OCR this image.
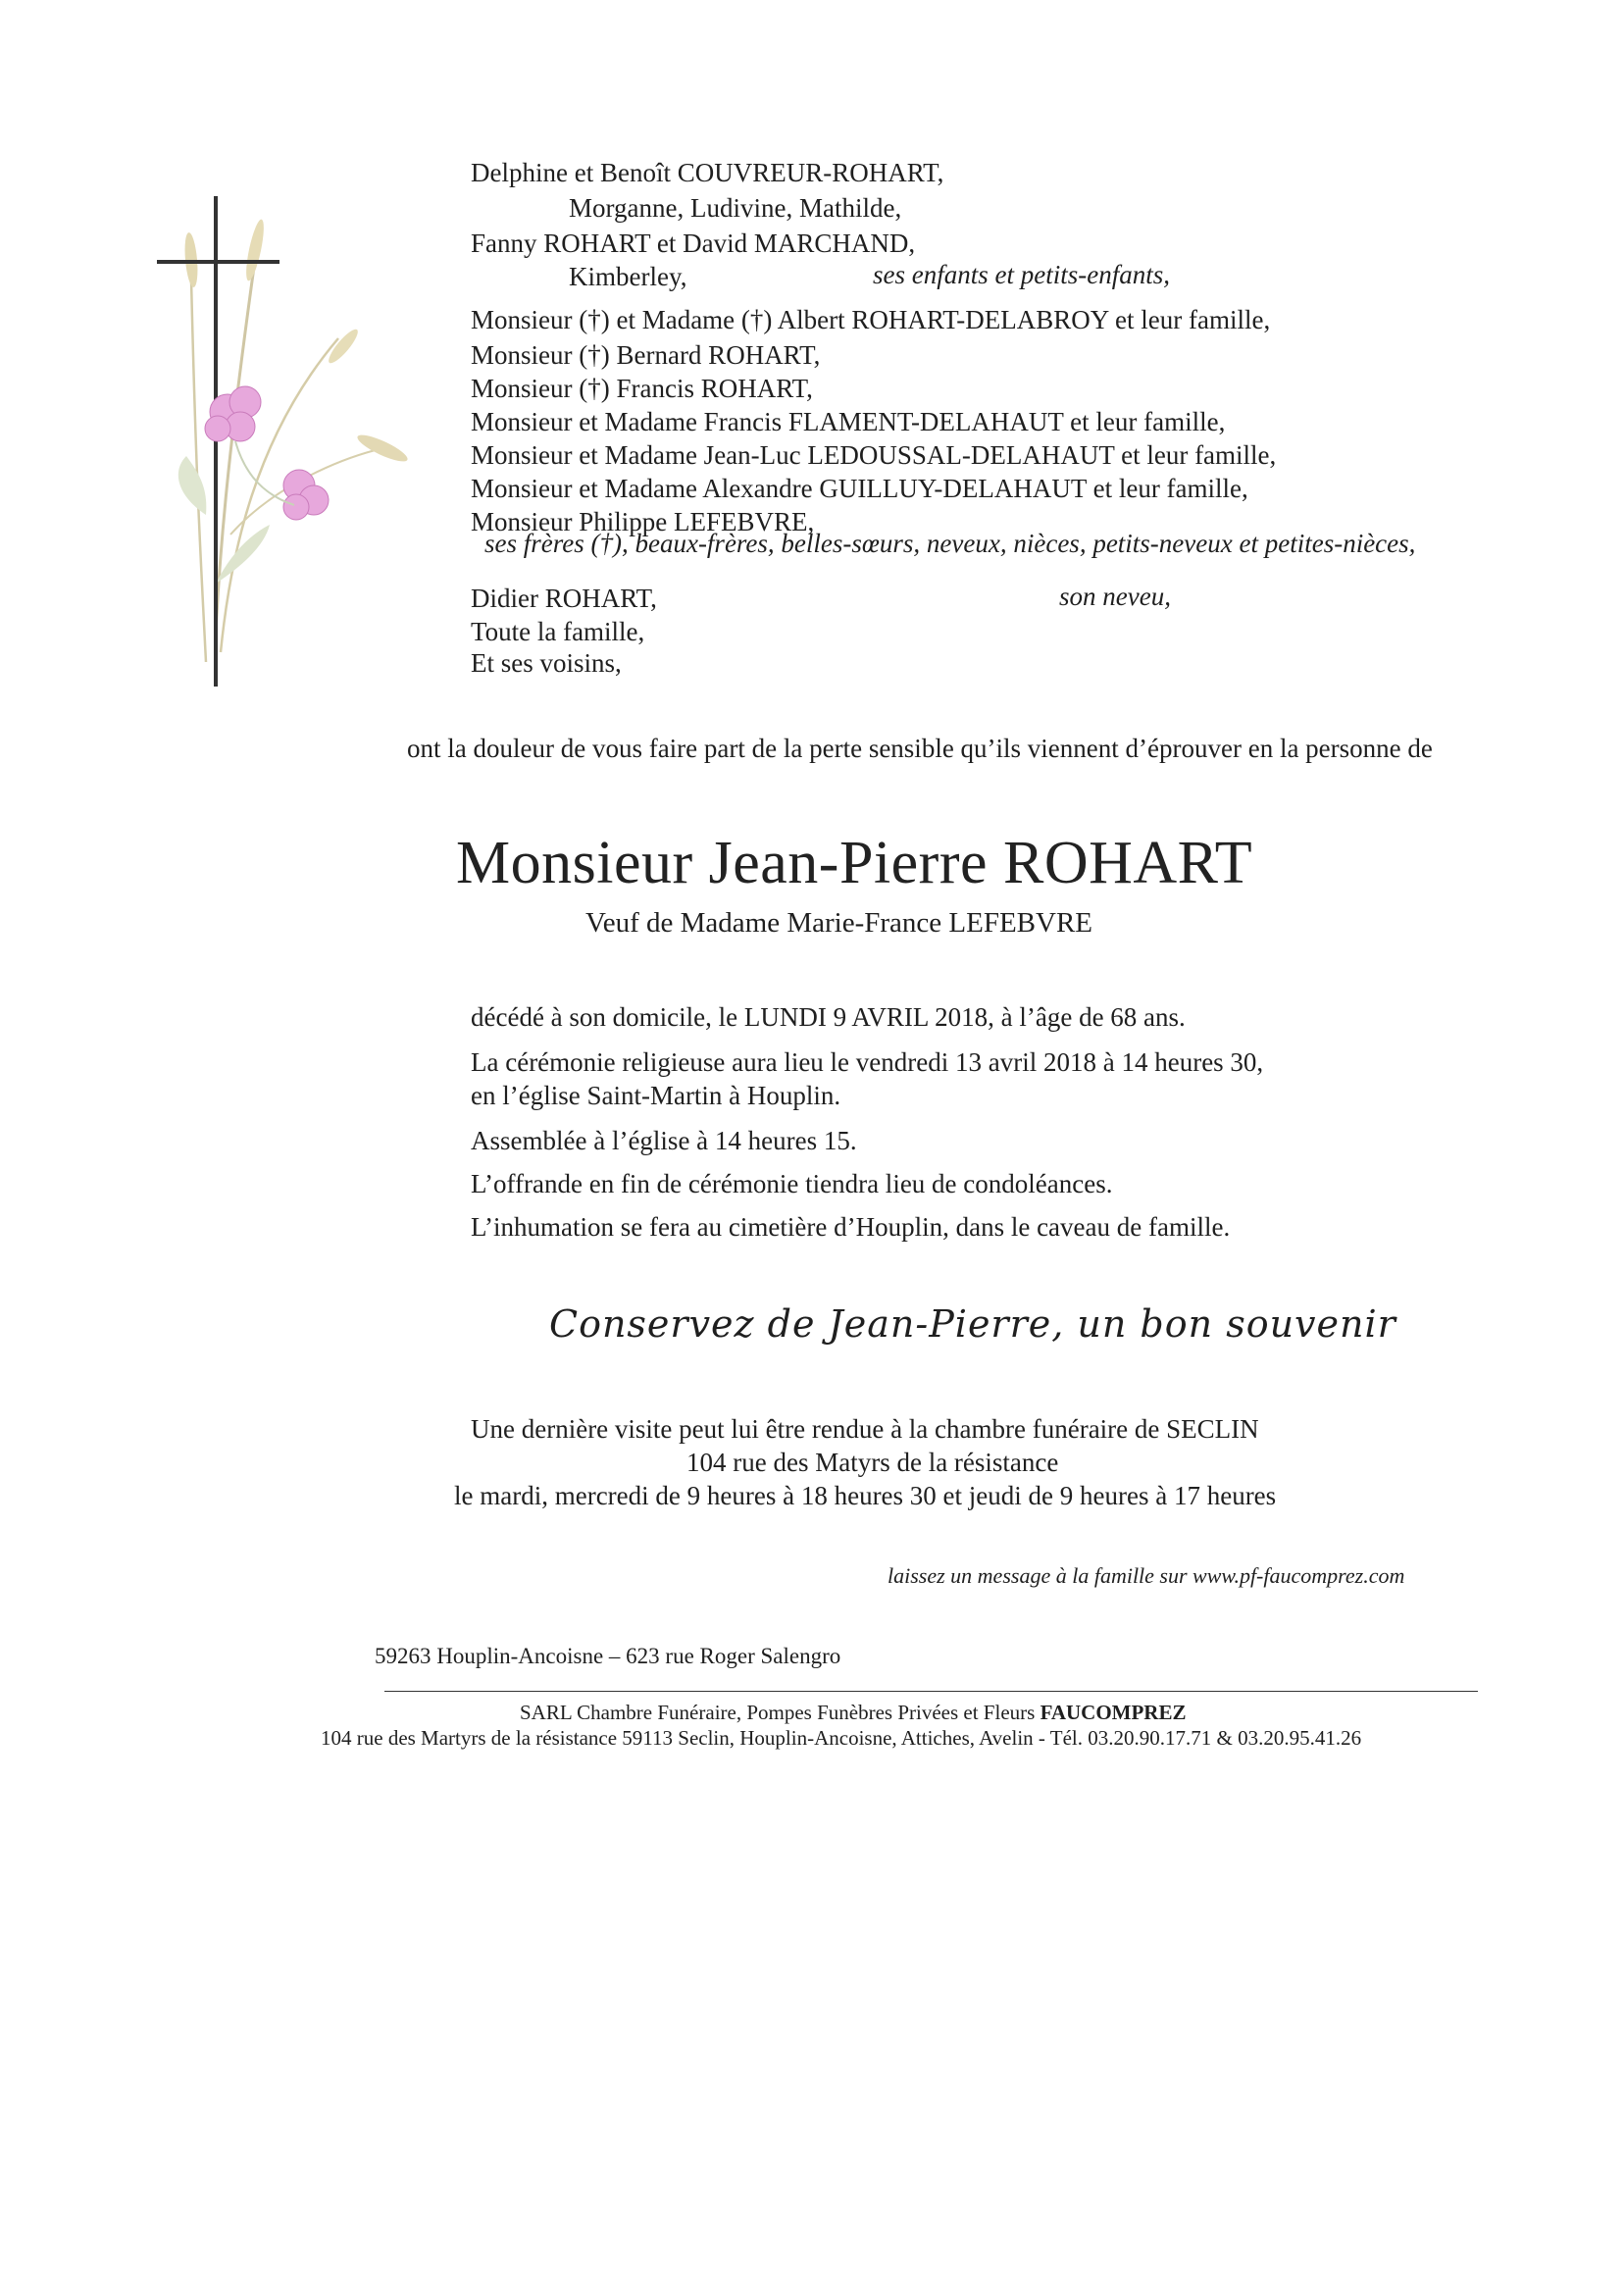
Delphine et Benoît COUVREUR-ROHART,
Morganne, Ludivine, Mathilde,
Fanny ROHART et David MARCHAND,
Kimberley,	ses enfants et petits-enfants,
Monsieur (†) et Madame (†) Albert ROHART-DELABROY et leur famille,
Monsieur (†) Bernard ROHART,
Monsieur (†) Francis ROHART,
Monsieur et Madame Francis FLAMENT-DELAHAUT et leur famille,
Monsieur et Madame Jean-Luc LEDOUSSAL-DELAHAUT et leur famille,
Monsieur et Madame Alexandre GUILLUY-DELAHAUT et leur famille,
Monsieur Philippe LEFEBVRE,
ses frères (†), beaux-frères, belles-sœurs, neveux, nièces, petits-neveux et petites-nièces,
Didier ROHART,	son neveu,
Toute la famille,
Et ses voisins,
ont la douleur de vous faire part de la perte sensible qu’ils viennent d’éprouver en la personne de
Monsieur Jean-Pierre ROHART
Veuf de Madame Marie-France LEFEBVRE
décédé à son domicile, le LUNDI 9 AVRIL 2018, à l’âge de 68 ans.
La cérémonie religieuse aura lieu le vendredi 13 avril 2018 à 14 heures 30,
en l’église Saint-Martin à Houplin.
Assemblée à l’église à 14 heures 15.
L’offrande en fin de cérémonie tiendra lieu de condoléances.
L’inhumation se fera au cimetière d’Houplin, dans le caveau de famille.
Conservez de Jean-Pierre, un bon souvenir
Une dernière visite peut lui être rendue à la chambre funéraire de SECLIN
104 rue des Matyrs de la résistance
le mardi, mercredi de 9 heures à 18 heures 30 et jeudi de 9 heures à 17 heures
laissez un message à la famille sur www.pf-faucomprez.com
59263 Houplin-Ancoisne – 623 rue Roger Salengro
SARL Chambre Funéraire, Pompes Funèbres Privées et Fleurs FAUCOMPREZ
104 rue des Martyrs de la résistance 59113 Seclin, Houplin-Ancoisne, Attiches, Avelin - Tél. 03.20.90.17.71 & 03.20.95.41.26
